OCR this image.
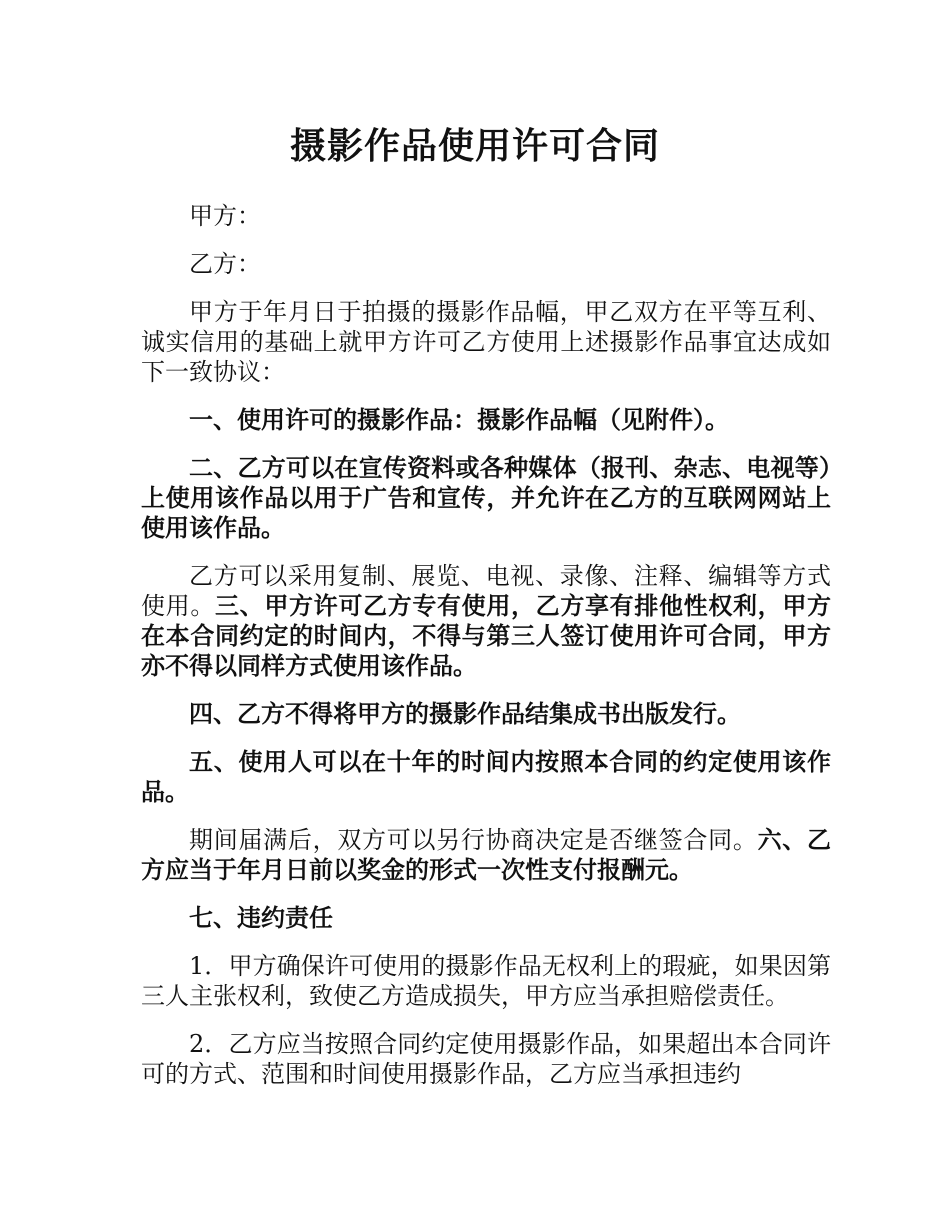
摄影作品使用许可合同

甲方：

乙方：

甲方于年月日于拍摄的摄影作品幅，甲乙双方在平等互利、诚实信用的基础上就甲方许可乙方使用上述摄影作品事宜达成如下一致协议：

一、使用许可的摄影作品：摄影作品幅（见附件）。

二、乙方可以在宣传资料或各种媒体（报刊、杂志、电视等）上使用该作品以用于广告和宣传，并允许在乙方的互联网网站上使用该作品。

乙方可以采用复制、展览、电视、录像、注释、编辑等方式使用。三、甲方许可乙方专有使用，乙方享有排他性权利，甲方在本合同约定的时间内，不得与第三人签订使用许可合同，甲方亦不得以同样方式使用该作品。

四、乙方不得将甲方的摄影作品结集成书出版发行。

五、使用人可以在十年的时间内按照本合同的约定使用该作品。

期间届满后，双方可以另行协商决定是否继签合同。六、乙方应当于年月日前以奖金的形式一次性支付报酬元。

七、违约责任

1．甲方确保许可使用的摄影作品无权利上的瑕疵，如果因第三人主张权利，致使乙方造成损失，甲方应当承担赔偿责任。

2．乙方应当按照合同约定使用摄影作品，如果超出本合同许可的方式、范围和时间使用摄影作品，乙方应当承担违约
